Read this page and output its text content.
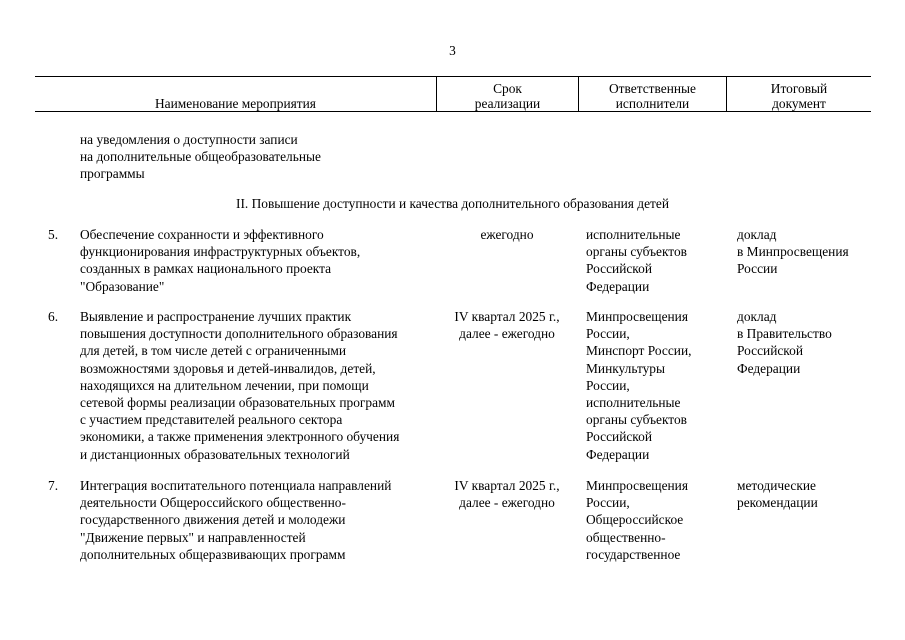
3
Наименование мероприятия
Срок
реализации
Ответственные
исполнители
Итоговый
документ
на уведомления о доступности записи
на дополнительные общеобразовательные
программы
II. Повышение доступности и качества дополнительного образования детей
5. Обеспечение сохранности и эффективного
функционирования инфраструктурных объектов,
созданных в рамках национального проекта
"Образование"
ежегодно	исполнительные
органы субъектов
Российской
Федерации
доклад
в Минпросвещения
России
6. Выявление и распространение лучших практик
повышения доступности дополнительного образования
для детей, в том числе детей с ограниченными
возможностями здоровья и детей-инвалидов, детей,
находящихся на длительном лечении, при помощи
сетевой формы реализации образовательных программ
с участием представителей реального сектора
экономики, а также применения электронного обучения
и дистанционных образовательных технологий
IV квартал 2025 г.,
далее - ежегодно
Минпросвещения
России,
Минспорт России,
Минкультуры
России,
исполнительные
органы субъектов
Российской
Федерации
доклад
в Правительство
Российской
Федерации
7. Интеграция воспитательного потенциала направлений
деятельности Общероссийского общественно-
государственного движения детей и молодежи
"Движение первых" и направленностей
дополнительных общеразвивающих программ
IV квартал 2025 г.,
далее - ежегодно
Минпросвещения
России,
Общероссийское
общественно-
государственное
методические
рекомендации
